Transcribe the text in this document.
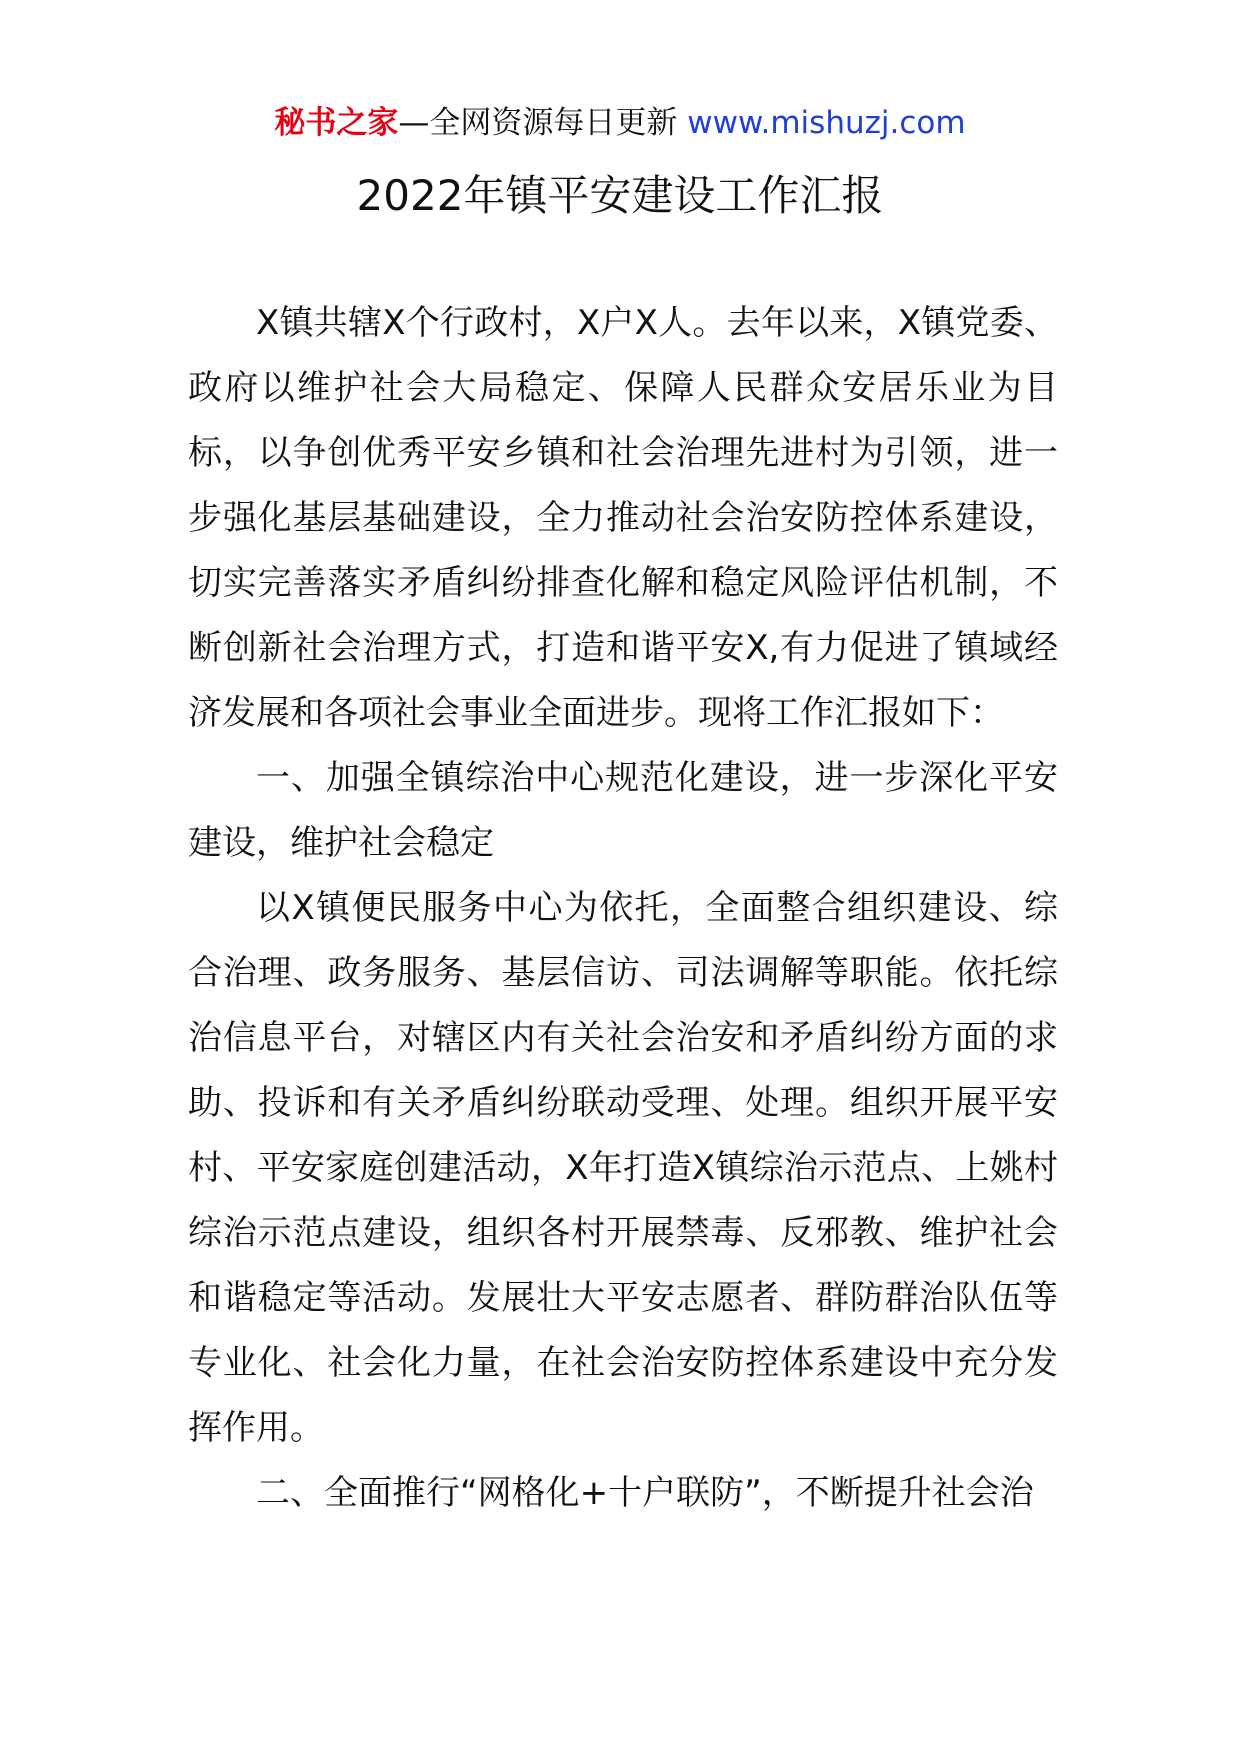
秘书之家—全网资源每日更新 www.mishuzj.com
2022年镇平安建设工作汇报

X镇共辖X个行政村，X户X人。去年以来，X镇党委、政府以维护社会大局稳定、保障人民群众安居乐业为目标，以争创优秀平安乡镇和社会治理先进村为引领，进一步强化基层基础建设，全力推动社会治安防控体系建设，切实完善落实矛盾纠纷排查化解和稳定风险评估机制，不断创新社会治理方式，打造和谐平安X,有力促进了镇域经济发展和各项社会事业全面进步。现将工作汇报如下：

一、加强全镇综治中心规范化建设，进一步深化平安建设，维护社会稳定

以X镇便民服务中心为依托，全面整合组织建设、综合治理、政务服务、基层信访、司法调解等职能。依托综治信息平台，对辖区内有关社会治安和矛盾纠纷方面的求助、投诉和有关矛盾纠纷联动受理、处理。组织开展平安村、平安家庭创建活动，X年打造X镇综治示范点、上姚村综治示范点建设，组织各村开展禁毒、反邪教、维护社会和谐稳定等活动。发展壮大平安志愿者、群防群治队伍等专业化、社会化力量，在社会治安防控体系建设中充分发挥作用。

二、全面推行“网格化+十户联防”，不断提升社会治
